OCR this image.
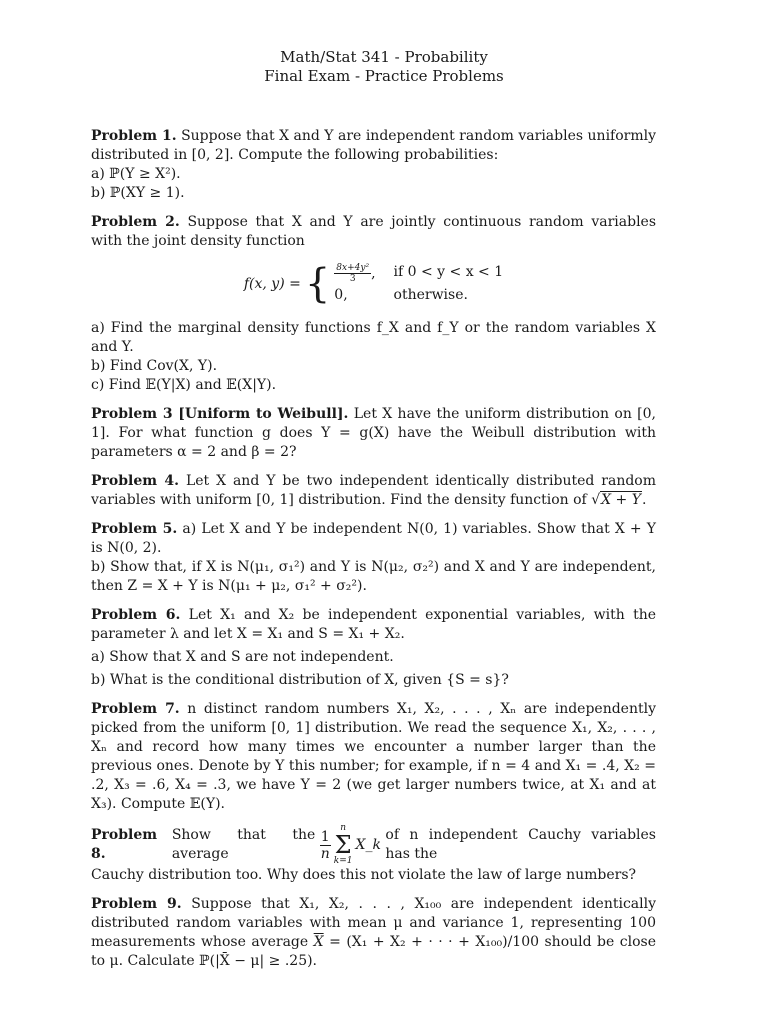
Math/Stat 341 - Probability
Final Exam - Practice Problems

Problem 1. Suppose that X and Y are independent random variables uniformly distributed in [0, 2]. Compute the following probabilities:

a) ℙ(Y ≥ X²).

b) ℙ(XY ≥ 1).

Problem 2. Suppose that X and Y are jointly continuous random variables with the joint density function

f(x, y) = { $\frac{\text{8x+4y²}}{3}$ , if 0 < y < x < 1
0,	otherwise.

a) Find the marginal density functions f_X and f_Y or the random variables X and Y.

b) Find Cov(X, Y).

c) Find 𝔼(Y|X) and 𝔼(X|Y).

Problem 3 [Uniform to Weibull]. Let X have the uniform distribution on [0, 1]. For what function g does Y = g(X) have the Weibull distribution with parameters α = 2 and β = 2?

Problem 4. Let X and Y be two independent identically distributed random variables with uniform [0, 1] distribution. Find the density function of √X + Y.

Problem 5. a) Let X and Y be independent N(0, 1) variables. Show that X + Y is N(0, 2).

b) Show that, if X is N(μ₁, σ₁²) and Y is N(μ₂, σ₂²) and X and Y are independent, then Z = X + Y is N(μ₁ + μ₂, σ₁² + σ₂²).

Problem 6. Let X₁ and X₂ be independent exponential variables, with the parameter λ and let X = X₁ and S = X₁ + X₂.

a) Show that X and S are not independent.

b) What is the conditional distribution of X, given {S = s}?

Problem 7. n distinct random numbers X₁, X₂, . . . , Xₙ are independently picked from the uniform [0, 1] distribution. We read the sequence X₁, X₂, . . . , Xₙ and record how many times we encounter a number larger than the previous ones. Denote by Y this number; for example, if n = 4 and X₁ = .4, X₂ = .2, X₃ = .6, X₄ = .3, we have Y = 2 (we get larger numbers twice, at X₁ and at X₃). Compute 𝔼(Y).

Problem 8.

Show that the average
	$\frac{1}{n}$
n
Σ
k=1
X_k

of n independent Cauchy variables has the

Cauchy distribution too. Why does this not violate the law of large numbers?

Problem 9. Suppose that X₁, X₂, . . . , X₁₀₀ are independent identically distributed random variables with mean μ and variance 1, representing 100 measurements whose average $\overline{X} = (X_1 + X_2$ + · · · + X₁₀₀)/100 should be close to μ. Calculate ℙ(|X̄ − μ| ≥ .25).
